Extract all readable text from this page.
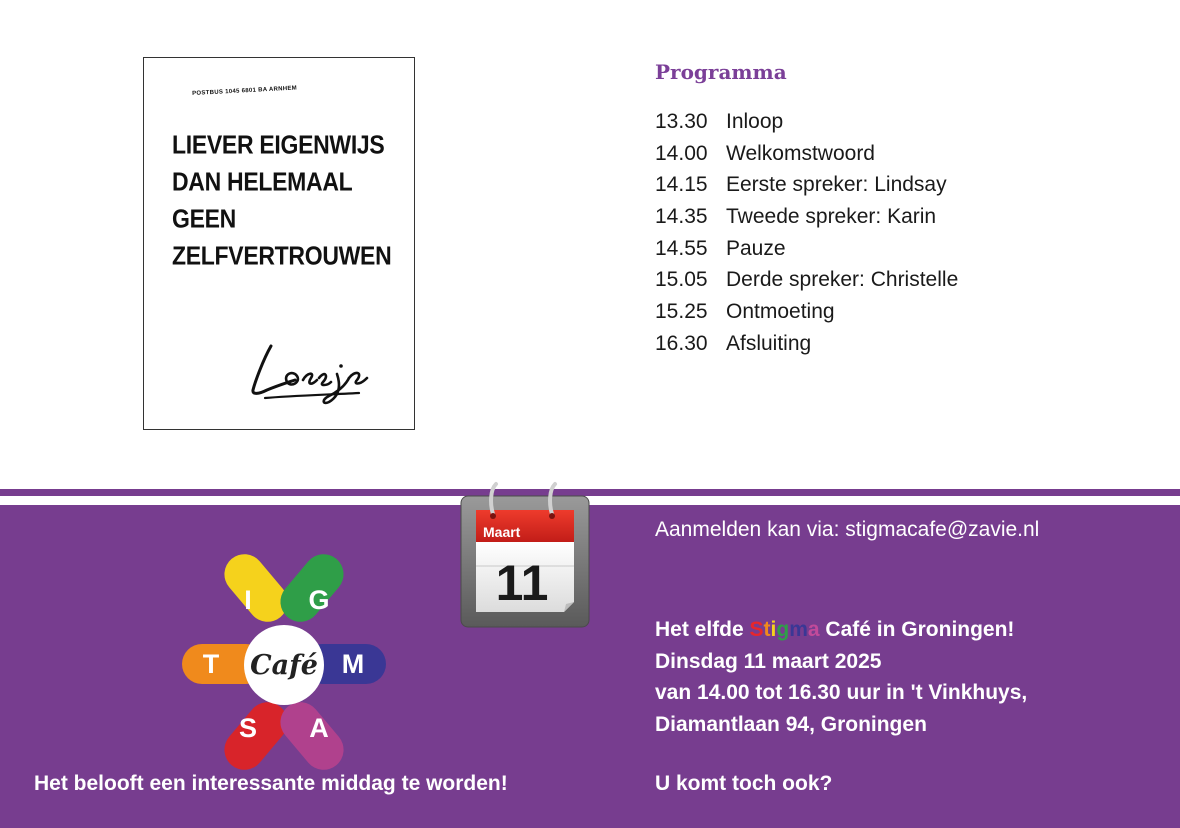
POSTBUS 1045 6801 BA ARNHEM
LIEVER EIGENWIJS
DAN HELEMAAL
GEEN
ZELFVERTROUWEN
Programma
13.30 Inloop
14.00 Welkomstwoord
14.15 Eerste spreker: Lindsay
14.35 Tweede spreker: Karin
14.55 Pauze
15.05 Derde spreker: Christelle
15.25 Ontmoeting
16.30 Afsluiting
Maart
11
I	G
T	M
S	A
Café
Aanmelden kan via: stigmacafe@zavie.nl
Het elfde Stigma Café in Groningen!
Dinsdag 11 maart 2025
van 14.00 tot 16.30 uur in 't Vinkhuys,
Diamantlaan 94, Groningen
U komt toch ook?
Het belooft een interessante middag te worden!
